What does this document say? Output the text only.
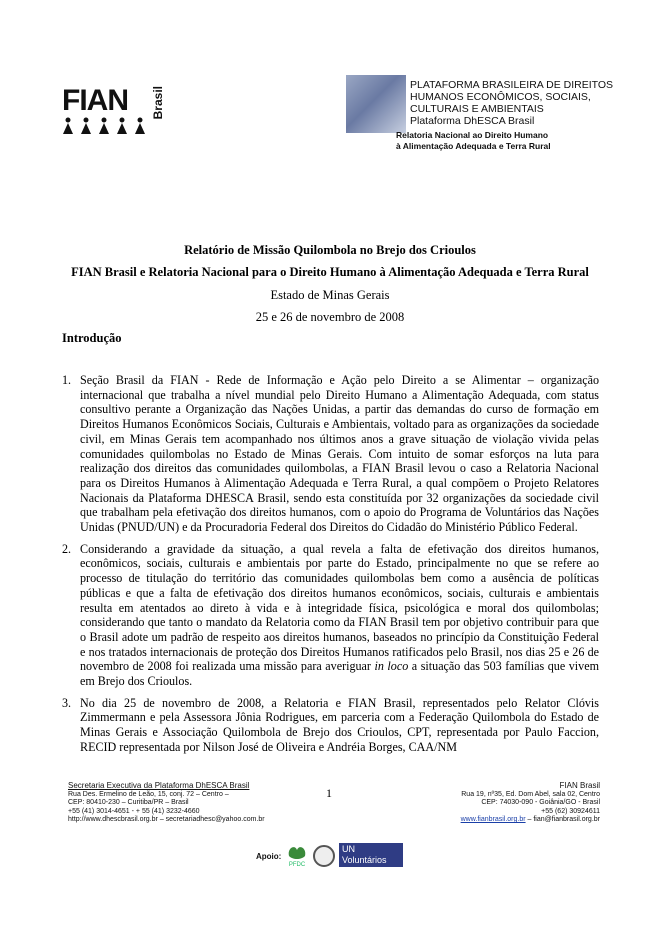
FIAN Brasil
PLATAFORMA BRASILEIRA DE DIREITOS
HUMANOS ECONÔMICOS, SOCIAIS,
CULTURAIS E AMBIENTAIS
Plataforma DhESCA Brasil
Relatoria Nacional ao Direito Humano
à Alimentação Adequada e Terra Rural
Relatório de Missão Quilombola no Brejo dos Crioulos
FIAN Brasil e Relatoria Nacional para o Direito Humano à Alimentação Adequada e Terra Rural
Estado de Minas Gerais
25 e 26 de novembro de 2008
Introdução
1. Seção Brasil da FIAN - Rede de Informação e Ação pelo Direito a se Alimentar – organização internacional que trabalha a nível mundial pelo Direito Humano a Alimentação Adequada, com status consultivo perante a Organização das Nações Unidas, a partir das demandas do curso de formação em Direitos Humanos Econômicos Sociais, Culturais e Ambientais, voltado para as organizações da sociedade civil, em Minas Gerais tem acompanhado nos últimos anos a grave situação de violação vivida pelas comunidades quilombolas no Estado de Minas Gerais. Com intuito de somar esforços na luta para realização dos direitos das comunidades quilombolas, a FIAN Brasil levou o caso a Relatoria Nacional para os Direitos Humanos à Alimentação Adequada e Terra Rural, a qual compõem o Projeto Relatores Nacionais da Plataforma DHESCA Brasil, sendo esta constituída por 32 organizações da sociedade civil que trabalham pela efetivação dos direitos humanos, com o apoio do Programa de Voluntários das Nações Unidas (PNUD/UN) e da Procuradoria Federal dos Direitos do Cidadão do Ministério Público Federal.
2. Considerando a gravidade da situação, a qual revela a falta de efetivação dos direitos humanos, econômicos, sociais, culturais e ambientais por parte do Estado, principalmente no que se refere ao processo de titulação do território das comunidades quilombolas bem como a ausência de políticas públicas e que a falta de efetivação dos direitos humanos econômicos, sociais, culturais e ambientais resulta em atentados ao direto à vida e à integridade física, psicológica e moral dos quilombolas; considerando que tanto o mandato da Relatoria como da FIAN Brasil tem por objetivo contribuir para que o Brasil adote um padrão de respeito aos direitos humanos, baseados no princípio da Constituição Federal e nos tratados internacionais de proteção dos Direitos Humanos ratificados pelo Brasil, nos dias 25 e 26 de novembro de 2008 foi realizada uma missão para averiguar in loco a situação das 503 famílias que vivem em Brejo dos Crioulos.
3. No dia 25 de novembro de 2008, a Relatoria e FIAN Brasil, representados pelo Relator Clóvis Zimmermann e pela Assessora Jônia Rodrigues, em parceria com a Federação Quilombola do Estado de Minas Gerais e Associação Quilombola de Brejo dos Crioulos, CPT, representada por Paulo Faccion, RECID representada por Nilson José de Oliveira e Andréia Borges, CAA/NM
Secretaria Executiva da Plataforma DhESCA Brasil
Rua Des. Ermelino de Leão, 15, conj. 72 – Centro –
CEP: 80410-230 – Curitiba/PR – Brasil
+55 (41) 3014-4651 - + 55 (41) 3232-4660
http://www.dhescbrasil.org.br – secretariadhesc@yahoo.com.br
1
FIAN Brasil
Rua 19, nº35, Ed. Dom Abel, sala 02, Centro
CEP: 74030-090 - Goiânia/GO - Brasil
+55 (62) 30924611
www.fianbrasil.org.br – fian@fianbrasil.org.br
Apoio:
PFDC
UN
Voluntários
